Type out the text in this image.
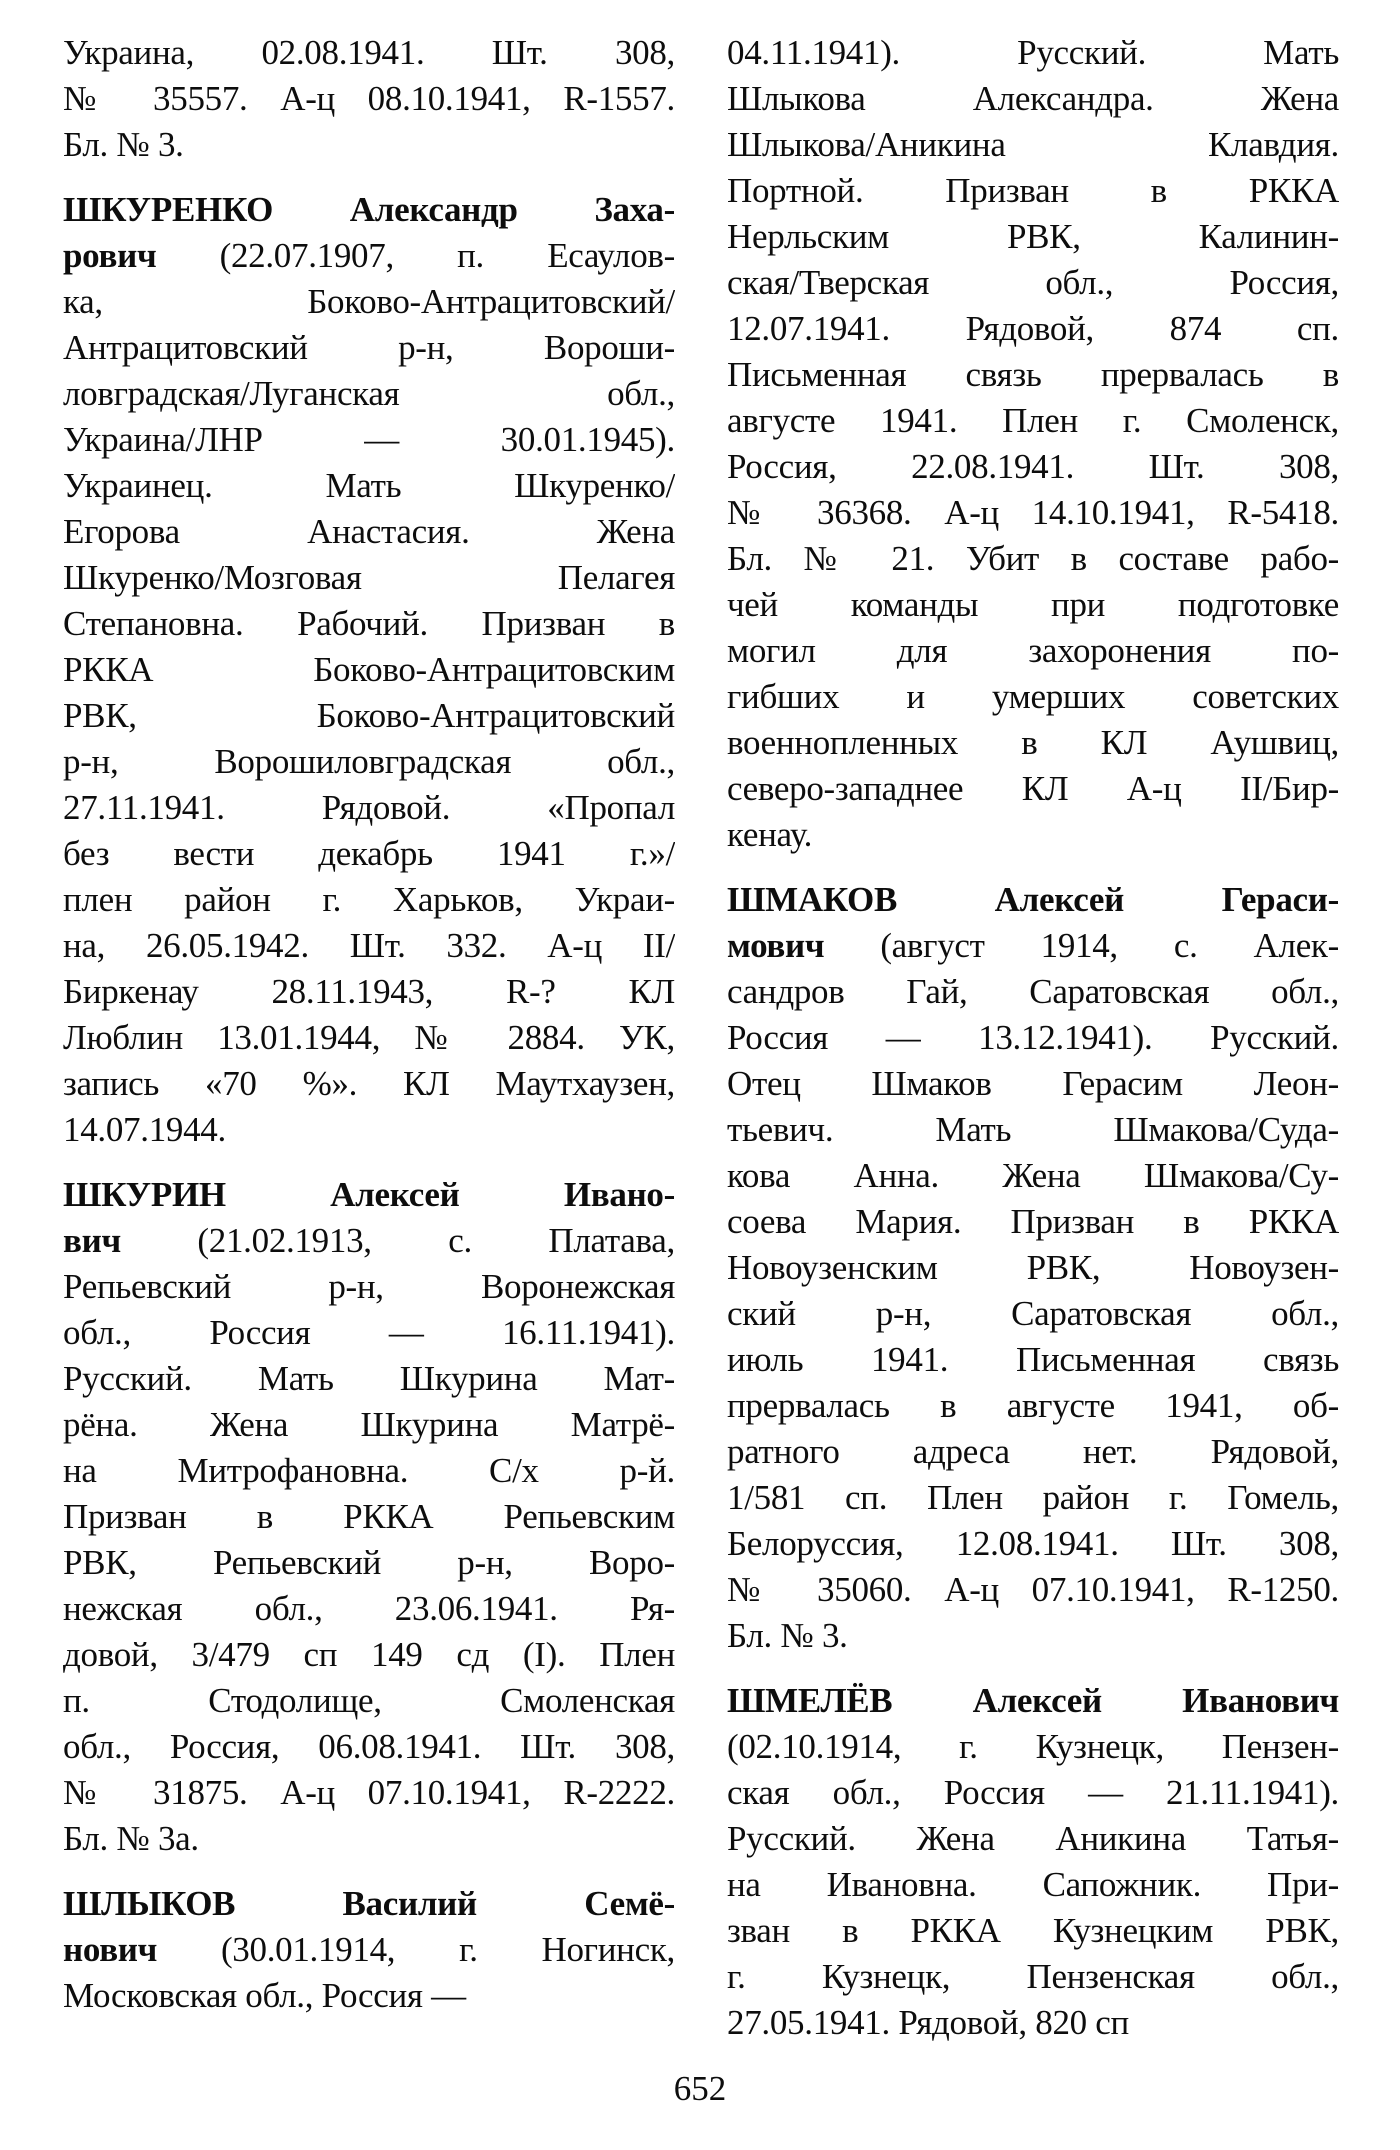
Украина, 02.08.1941. Шт. 308,
№ 35557. А-ц 08.10.1941, R-1557.
Бл. № 3.
ШКУРЕНКО Александр Заха-
рович (22.07.1907, п. Есаулов-
ка, Боково-Антрацитовский/
Антрацитовский р-н, Вороши-
ловградская/Луганская обл.,
Украина/ЛНР — 30.01.1945).
Украинец. Мать Шкуренко/
Егорова Анастасия. Жена
Шкуренко/Мозговая Пелагея
Степановна. Рабочий. Призван в
РККА Боково-Антрацитовским
РВК, Боково-Антрацитовский
р-н, Ворошиловградская обл.,
27.11.1941. Рядовой. «Пропал
без вести декабрь 1941 г.»/
плен район г. Харьков, Украи-
на, 26.05.1942. Шт. 332. А-ц II/
Биркенау 28.11.1943, R-? КЛ
Люблин 13.01.1944, № 2884. УК,
запись «70 %». КЛ Маутхаузен,
14.07.1944.
ШКУРИН Алексей Ивано-
вич (21.02.1913, с. Платава,
Репьевский р-н, Воронежская
обл., Россия — 16.11.1941).
Русский. Мать Шкурина Мат-
рёна. Жена Шкурина Матрё-
на Митрофановна. С/х р-й.
Призван в РККА Репьевским
РВК, Репьевский р-н, Воро-
нежская обл., 23.06.1941. Ря-
довой, 3/479 сп 149 сд (I). Плен
п. Стодолище, Смоленская
обл., Россия, 06.08.1941. Шт. 308,
№ 31875. А-ц 07.10.1941, R-2222.
Бл. № 3а.
ШЛЫКОВ Василий Семё-
нович (30.01.1914, г. Ногинск,
Московская обл., Россия —
04.11.1941). Русский. Мать
Шлыкова Александра. Жена
Шлыкова/Аникина Клавдия.
Портной. Призван в РККА
Нерльским РВК, Калинин-
ская/Тверская обл., Россия,
12.07.1941. Рядовой, 874 сп.
Письменная связь прервалась в
августе 1941. Плен г. Смоленск,
Россия, 22.08.1941. Шт. 308,
№ 36368. А-ц 14.10.1941, R-5418.
Бл. № 21. Убит в составе рабо-
чей команды при подготовке
могил для захоронения по-
гибших и умерших советских
военнопленных в КЛ Аушвиц,
северо-западнее КЛ А-ц II/Бир-
кенау.
ШМАКОВ Алексей Гераси-
мович (август 1914, с. Алек-
сандров Гай, Саратовская обл.,
Россия — 13.12.1941). Русский.
Отец Шмаков Герасим Леон-
тьевич. Мать Шмакова/Суда-
кова Анна. Жена Шмакова/Су-
соева Мария. Призван в РККА
Новоузенским РВК, Новоузен-
ский р-н, Саратовская обл.,
июль 1941. Письменная связь
прервалась в августе 1941, об-
ратного адреса нет. Рядовой,
1/581 сп. Плен район г. Гомель,
Белоруссия, 12.08.1941. Шт. 308,
№ 35060. А-ц 07.10.1941, R-1250.
Бл. № 3.
ШМЕЛЁВ Алексей Иванович
(02.10.1914, г. Кузнецк, Пензен-
ская обл., Россия — 21.11.1941).
Русский. Жена Аникина Татья-
на Ивановна. Сапожник. При-
зван в РККА Кузнецким РВК,
г. Кузнецк, Пензенская обл.,
27.05.1941. Рядовой, 820 сп
652
